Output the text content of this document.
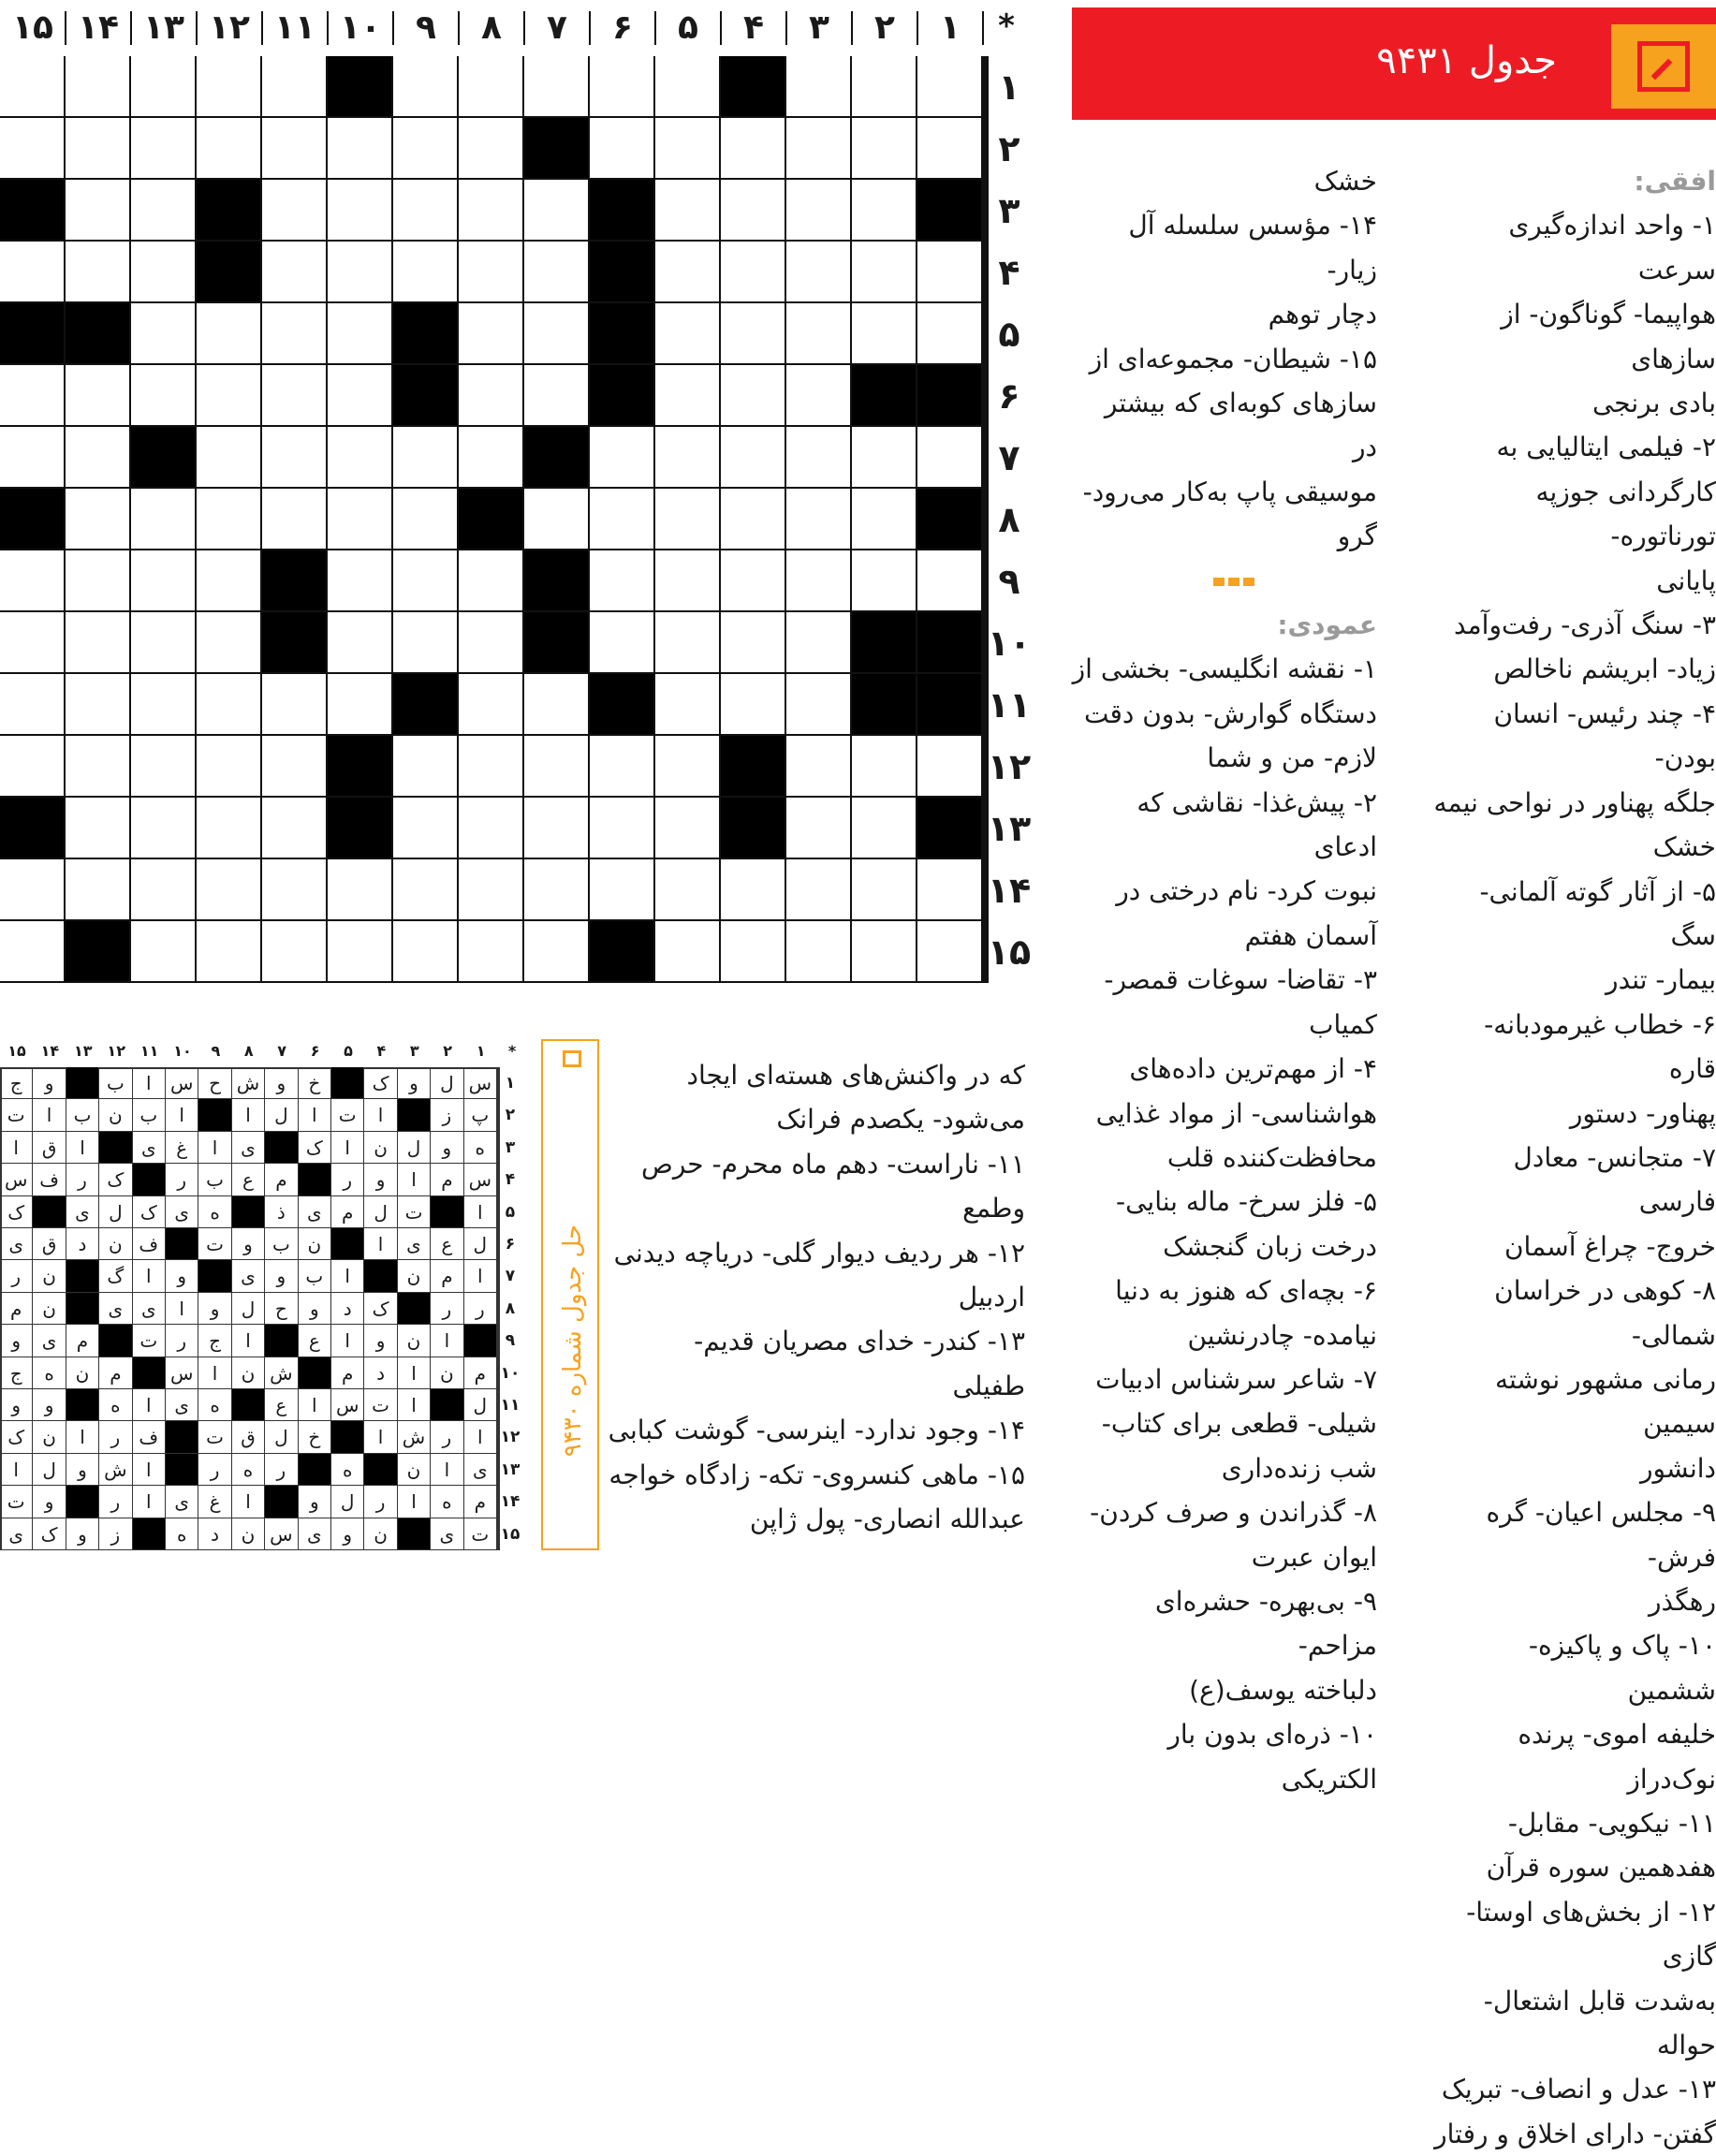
*
۱
۲
۳
۴
۵
۶
۷
۸
۹
۱۰
۱۱
۱۲
۱۳
۱۴
۱۵
۱
۲
۳
۴
۵
۶
۷
۸
۹
۱۰
۱۱
۱۲
۱۳
۱۴
۱۵
جدول ۹۴۳۱
افقی:
۱- واحد اندازه‌گیری سرعت
هواپیما- گوناگون- از سازهای
بادی برنجی
۲- فیلمی ایتالیایی به
کارگردانی جوزپه تورناتوره-
پایانی
۳- سنگ آذری- رفت‌وآمد
زیاد- ابریشم ناخالص
۴- چند رئیس- انسان بودن-
جلگه پهناور در نواحی نیمه
خشک
۵- از آثار گوته آلمانی- سگ
بیمار- تندر
۶- خطاب غیرمودبانه- قاره
پهناور- دستور
۷- متجانس- معادل فارسی
خروج- چراغ آسمان
۸- کوهی در خراسان شمالی-
رمانی مشهور نوشته سیمین
دانشور
۹- مجلس اعیان- گره فرش-
رهگذر
۱۰- پاک و پاکیزه- ششمین
خلیفه اموی- پرنده نوک‌دراز
۱۱- نیکویی- مقابل-
هفدهمین سوره قرآن
۱۲- از بخش‌های اوستا- گازی
به‌شدت قابل اشتعال- حواله
۱۳- عدل و انصاف- تبریک
گفتن- دارای اخلاق و رفتار
خشک
۱۴- مؤسس سلسله آل زیار-
دچار توهم
۱۵- شیطان- مجموعه‌ای از
سازهای کوبه‌ای که بیشتر در
موسیقی پاپ به‌کار می‌رود- گرو
عمودی:
۱- نقشه انگلیسی- بخشی از
دستگاه گوارش- بدون دقت
لازم- من و شما
۲- پیش‌غذا- نقاشی که ادعای
نبوت کرد- نام درختی در
آسمان هفتم
۳- تقاضا- سوغات قمصر-
کمیاب
۴- از مهم‌ترین داده‌های
هواشناسی- از مواد غذایی
محافظت‌کننده قلب
۵- فلز سرخ- ماله بنایی-
درخت زبان گنجشک
۶- بچه‌ای که هنوز به دنیا
نیامده- چادرنشین
۷- شاعر سرشناس ادبیات
شیلی- قطعی برای کتاب-
شب زنده‌داری
۸- گذراندن و صرف کردن-
ایوان عبرت
۹- بی‌بهره- حشره‌ای مزاحم-
دلباخته یوسف(ع)
۱۰- ذره‌ای بدون بار الکتریکی
که در واکنش‌های هسته‌ای ایجاد
می‌شود- یکصدم فرانک
۱۱- ناراست- دهم ماه محرم- حرص
وطمع
۱۲- هر ردیف دیوار گلی- دریاچه دیدنی
اردبیل
۱۳- کندر- خدای مصریان قدیم-
طفیلی
۱۴- وجود ندارد- اینرسی- گوشت کبابی
۱۵- ماهی کنسروی- تکه- زادگاه خواجه
عبدالله انصاری- پول ژاپن
حل جدول شماره ۹۴۳۰
*
۱
۲
۳
۴
۵
۶
۷
۸
۹
۱۰
۱۱
۱۲
۱۳
۱۴
۱۵
س
ل
و
ک
خ
و
ش
ح
س
ا
ب
و
ج
پ
ز
ا
ت
ا
ل
ا
ا
ب
ن
ب
ا
ت
ه
و
ل
ن
ا
ک
ی
ا
غ
ی
ا
ق
ا
س
م
ا
و
ر
م
ع
ب
ر
ک
ر
ف
س
ا
ت
ل
م
ی
ذ
ه
ی
ک
ل
ی
ک
ل
ع
ی
ا
ن
ب
و
ت
ف
ن
د
ق
ی
ا
م
ن
ا
ب
و
ی
و
ا
گ
ن
ر
ر
ر
ک
د
و
ح
ل
و
ا
ی
ی
ن
م
ا
ن
و
ا
ع
ا
ج
ر
ت
م
ی
و
م
ن
ا
د
م
ش
ن
ا
س
م
ن
ه
ج
ل
ا
ت
س
ا
ع
ه
ی
ا
ه
و
و
ا
ر
ش
ا
خ
ل
ق
ت
ف
ر
ا
ن
ک
ی
ا
ن
ه
ر
ه
ر
ا
ش
و
ل
ا
م
ه
ا
ر
ل
و
ا
غ
ی
ا
ر
و
ت
ت
ی
ن
و
ی
س
ن
د
ه
ز
و
ک
ی
۱
۲
۳
۴
۵
۶
۷
۸
۹
۱۰
۱۱
۱۲
۱۳
۱۴
۱۵
